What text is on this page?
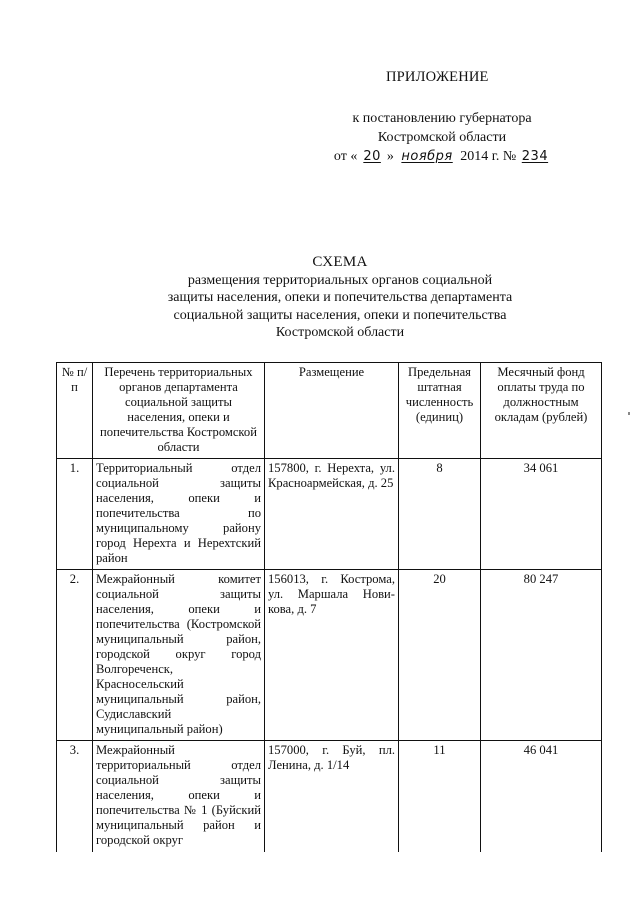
ПРИЛОЖЕНИЕ
к постановлению губернатора
Костромской области
от « 20 » ноября 2014 г. № 234
СХЕМА
размещения территориальных органов социальной
защиты населения, опеки и попечительства департамента
социальной защиты населения, опеки и попечительства
Костромской области
№ п/п	Перечень территориальных органов департамента социальной защиты населения, опеки и попечительства Костромской области	Размещение	Предельная штатная численность (единиц)	Месячный фонд оплаты труда по должностным окладам (рублей)
1.	Территориальный отдел социальной защиты населения, опеки и попечительства по муниципальному району город Нерехта и Нерехтский район	157800, г. Нерехта, ул. Красноармейская, д. 25	8	34 061
2.	Межрайонный комитет социальной защиты населения, опеки и попечительства (Костромской муниципальный район, городской округ город Волгореченск, Красносельский муниципальный район, Судиславский муниципальный район)	156013, г. Кострома, ул. Маршала Нови-кова, д. 7	20	80 247
3.	Межрайонный территориальный отдел социальной защиты населения, опеки и попечительства № 1 (Буйский муниципальный район и городской округ	157000, г. Буй, пл. Ленина, д. 1/14	11	46 041
